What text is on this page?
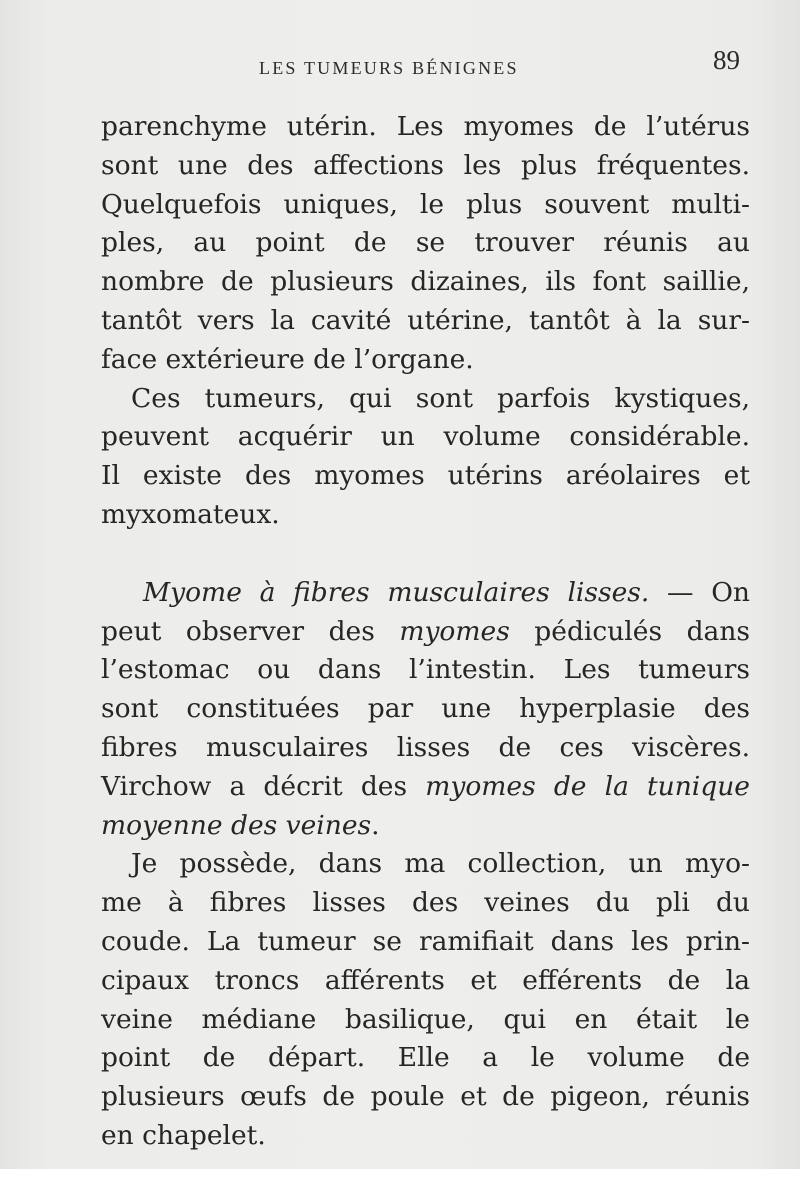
LES TUMEURS BÉNIGNES	89
parenchyme utérin. Les myomes de l’utérus
sont une des affections les plus fréquentes.
Quelquefois uniques, le plus souvent multi-
ples, au point de se trouver réunis au
nombre de plusieurs dizaines, ils font saillie,
tantôt vers la cavité utérine, tantôt à la sur-
face extérieure de l’organe.
Ces tumeurs, qui sont parfois kystiques,
peuvent acquérir un volume considérable.
Il existe des myomes utérins aréolaires et
myxomateux.
Myome à fibres musculaires lisses. — On
peut observer des myomes pédiculés dans
l’estomac ou dans l’intestin. Les tumeurs
sont constituées par une hyperplasie des
fibres musculaires lisses de ces viscères.
Virchow a décrit des myomes de la tunique
moyenne des veines.
Je possède, dans ma collection, un myo-
me à fibres lisses des veines du pli du
coude. La tumeur se ramifiait dans les prin-
cipaux troncs afférents et efférents de la
veine médiane basilique, qui en était le
point de départ. Elle a le volume de
plusieurs œufs de poule et de pigeon, réunis
en chapelet.
